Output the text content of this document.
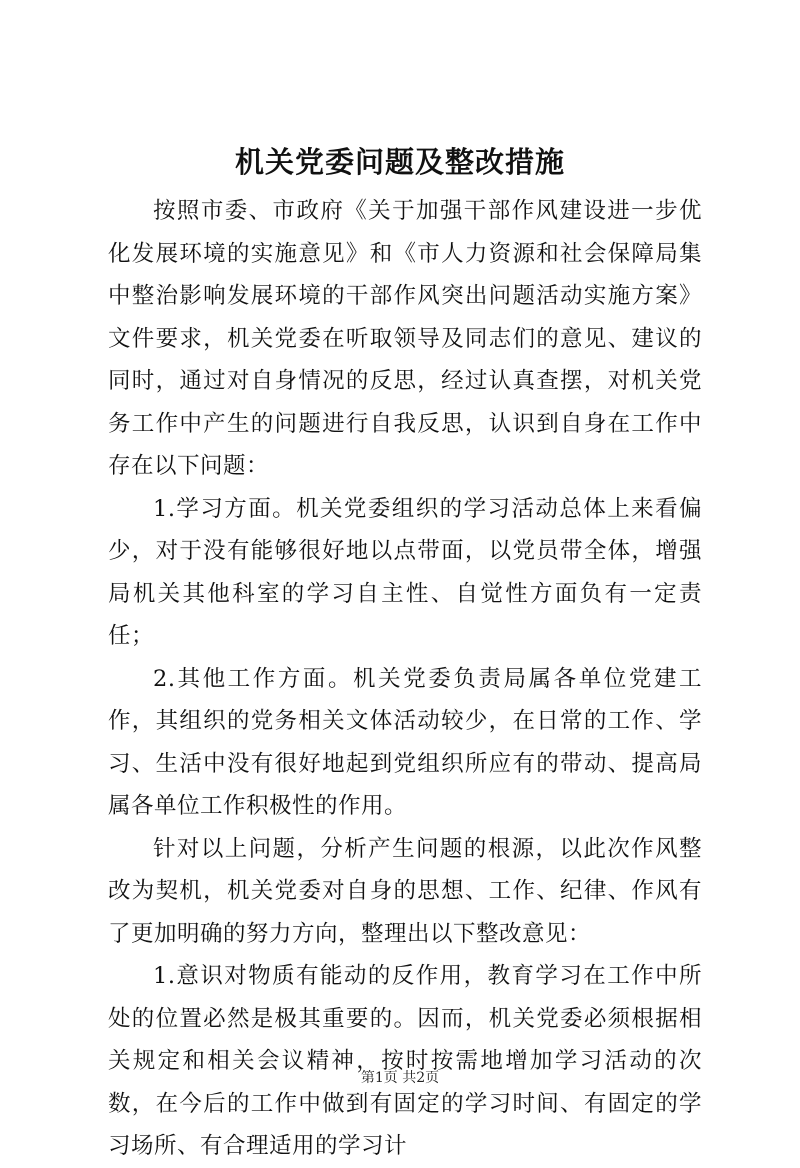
机关党委问题及整改措施

按照市委、市政府《关于加强干部作风建设进一步优化发展环境的实施意见》和《市人力资源和社会保障局集中整治影响发展环境的干部作风突出问题活动实施方案》文件要求，机关党委在听取领导及同志们的意见、建议的同时，通过对自身情况的反思，经过认真查摆，对机关党务工作中产生的问题进行自我反思，认识到自身在工作中存在以下问题：

1.学习方面。机关党委组织的学习活动总体上来看偏少，对于没有能够很好地以点带面，以党员带全体，增强局机关其他科室的学习自主性、自觉性方面负有一定责任；

2.其他工作方面。机关党委负责局属各单位党建工作，其组织的党务相关文体活动较少，在日常的工作、学习、生活中没有很好地起到党组织所应有的带动、提高局属各单位工作积极性的作用。

针对以上问题，分析产生问题的根源，以此次作风整改为契机，机关党委对自身的思想、工作、纪律、作风有了更加明确的努力方向，整理出以下整改意见：

1.意识对物质有能动的反作用，教育学习在工作中所处的位置必然是极其重要的。因而，机关党委必须根据相关规定和相关会议精神，按时按需地增加学习活动的次数，在今后的工作中做到有固定的学习时间、有固定的学习场所、有合理适用的学习计

第1页 共2页
